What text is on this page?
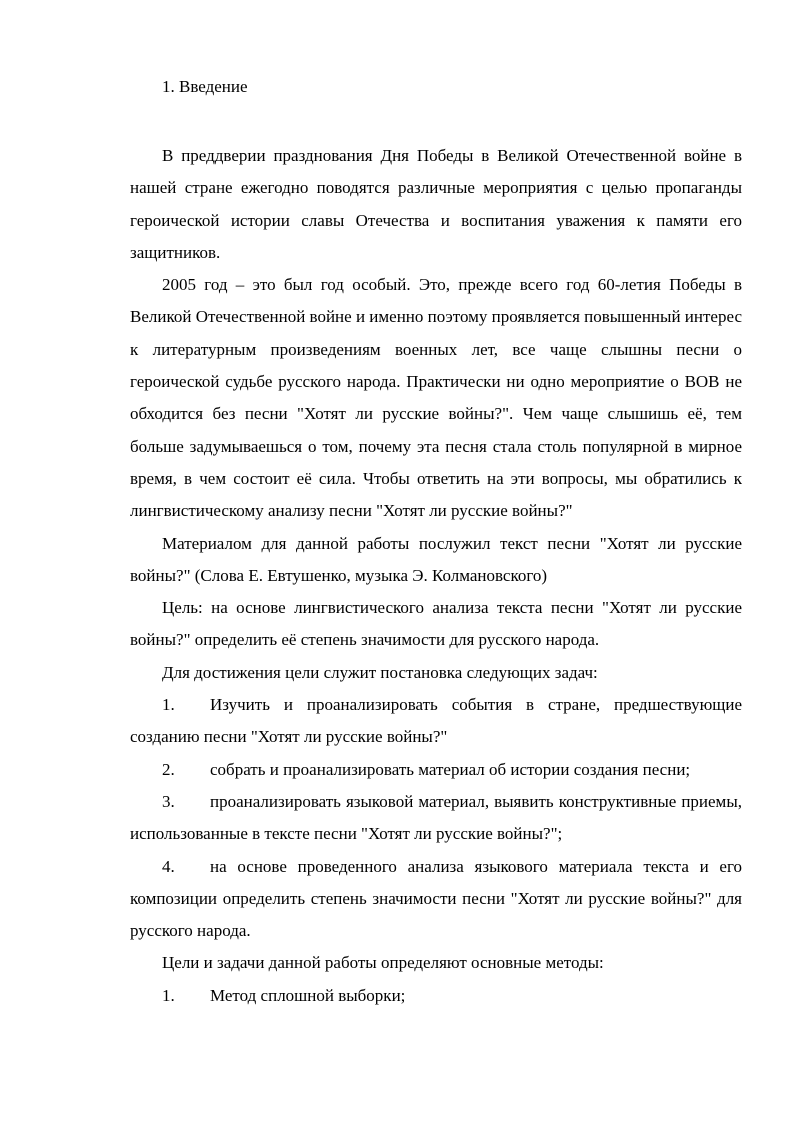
1. Введение

В преддверии празднования Дня Победы в Великой Отечественной войне в нашей стране ежегодно поводятся различные мероприятия с целью пропаганды героической истории славы Отечества и воспитания уважения к памяти его защитников.

2005 год – это был год особый. Это, прежде всего год 60-летия Победы в Великой Отечественной войне и именно поэтому проявляется повышенный интерес к литературным произведениям военных лет, все чаще слышны песни о героической судьбе русского народа. Практически ни одно мероприятие о ВОВ не обходится без песни "Хотят ли русские войны?". Чем чаще слышишь её, тем больше задумываешься о том, почему эта песня стала столь популярной в мирное время, в чем состоит её сила. Чтобы ответить на эти вопросы, мы обратились к лингвистическому анализу песни "Хотят ли русские войны?"

Материалом для данной работы послужил текст песни "Хотят ли русские войны?" (Слова Е. Евтушенко, музыка Э. Колмановского)

Цель: на основе лингвистического анализа текста песни "Хотят ли русские войны?" определить её степень значимости для русского народа.

Для достижения цели служит постановка следующих задач:

1. Изучить и проанализировать события в стране, предшествующие созданию песни "Хотят ли русские войны?"

2. собрать и проанализировать материал об истории создания песни;

3. проанализировать языковой материал, выявить конструктивные приемы, использованные в тексте песни "Хотят ли русские войны?";

4. на основе проведенного анализа языкового материала текста и его композиции определить степень значимости песни "Хотят ли русские войны?" для русского народа.

Цели и задачи данной работы определяют основные методы:

1. Метод сплошной выборки;
